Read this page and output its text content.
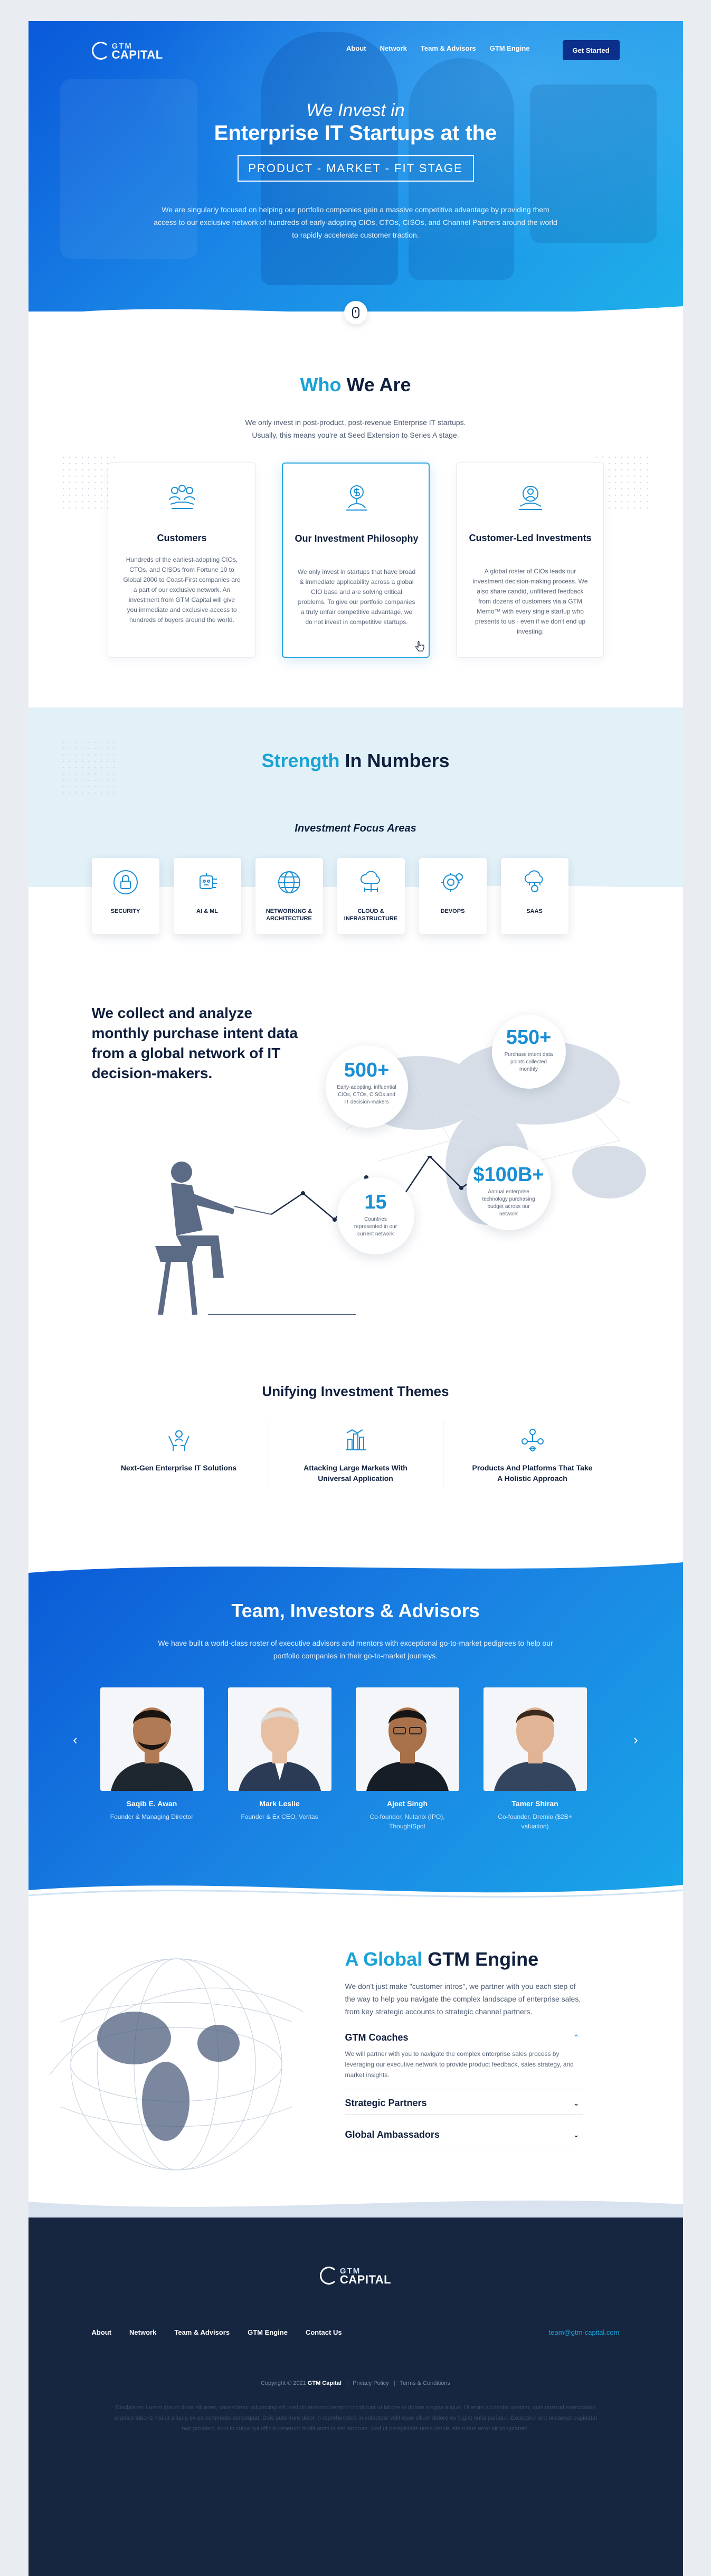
GTM
CAPITAL	About Network Team & Advisors GTM Engine	Get Started
We Invest in
Enterprise IT Startups at the
PRODUCT - MARKET - FIT STAGE
We are singularly focused on helping our portfolio companies gain a massive competitive advantage by providing them access to our exclusive network of hundreds of early-adopting CIOs, CTOs, CISOs, and Channel Partners around the world to rapidly accelerate customer traction.
Who We Are
We only invest in post-product, post-revenue Enterprise IT startups. Usually, this means you're at Seed Extension to Series A stage.
Customers

Hundreds of the earliest-adopting CIOs, CTOs, and CISOs from Fortune 10 to Global 2000 to Coast-First companies are a part of our exclusive network. An investment from GTM Capital will give you immediate and exclusive access to hundreds of buyers around the world.

Our Investment Philosophy

We only invest in startups that have broad & immediate applicability across a global CIO base and are solving critical problems. To give our portfolio companies a truly unfair competitive advantage, we do not invest in competitive startups.

Customer-Led Investments

A global roster of CIOs leads our investment decision-making process. We also share candid, unfiltered feedback from dozens of customers via a GTM Memo™ with every single startup who presents to us - even if we don't end up investing.

Strength In Numbers
Investment Focus Areas
SECURITY	AI & ML	NETWORKING & ARCHITECTURE
CLOUD & INFRASTRUCTURE
DEVOPS	SAAS
We collect and analyze monthly purchase intent data from a global network of IT decision-makers.	500+
Early-adopting, influential CIOs, CTOs, CISOs and IT decision-makers
550+
Purchase intent data points collected monthly
$100B+
Annual enterprise technology purchasing budget across our network
15
Countries represented in our current network
Unifying Investment Themes
Next-Gen Enterprise IT Solutions	Attacking Large Markets With Universal Application
Products And Platforms That Take A Holistic Approach
Team, Investors & Advisors
We have built a world-class roster of executive advisors and mentors with exceptional go-to-market pedigrees to help our portfolio companies in their go-to-market journeys.
‹	›
Saqib E. Awan
Founder & Managing Director
Mark Leslie
Founder & Ex CEO, Veritas
Ajeet Singh
Co-founder, Nutanix (IPO), ThoughtSpot
Tamer Shiran
Co-founder, Dremio ($2B+ valuation)
A Global GTM Engine
We don't just make "customer intros", we partner with you each step of the way to help you navigate the complex landscape of enterprise sales, from key strategic accounts to strategic channel partners.
GTM Coaches	⌃
We will partner with you to navigate the complex enterprise sales process by leveraging our executive network to provide product feedback, sales strategy, and market insights.
Strategic Partners	⌄
Global Ambassadors	⌄
GTM
CAPITAL
About	Network	Team & Advisors	GTM Engine	Contact Us	team@gtm-capital.com
Copyright © 2021 GTM Capital   |   Privacy Policy   |   Terms & Conditions
Disclaimer: Lorem ipsum dolor sit amet, consectetur adipiscing elit, sed do eiusmod tempor incididunt ut labore et dolore magna aliqua. Ut enim ad minim veniam, quis nostrud exercitation ullamco laboris nisi ut aliquip ex ea commodo consequat. Duis aute irure dolor in reprehenderit in voluptate velit esse cillum dolore eu fugiat nulla pariatur. Excepteur sint occaecat cupidatat non proident, sunt in culpa qui officia deserunt mollit anim id est laborum. Sed ut perspiciatis unde omnis iste natus error sit voluptatem.
